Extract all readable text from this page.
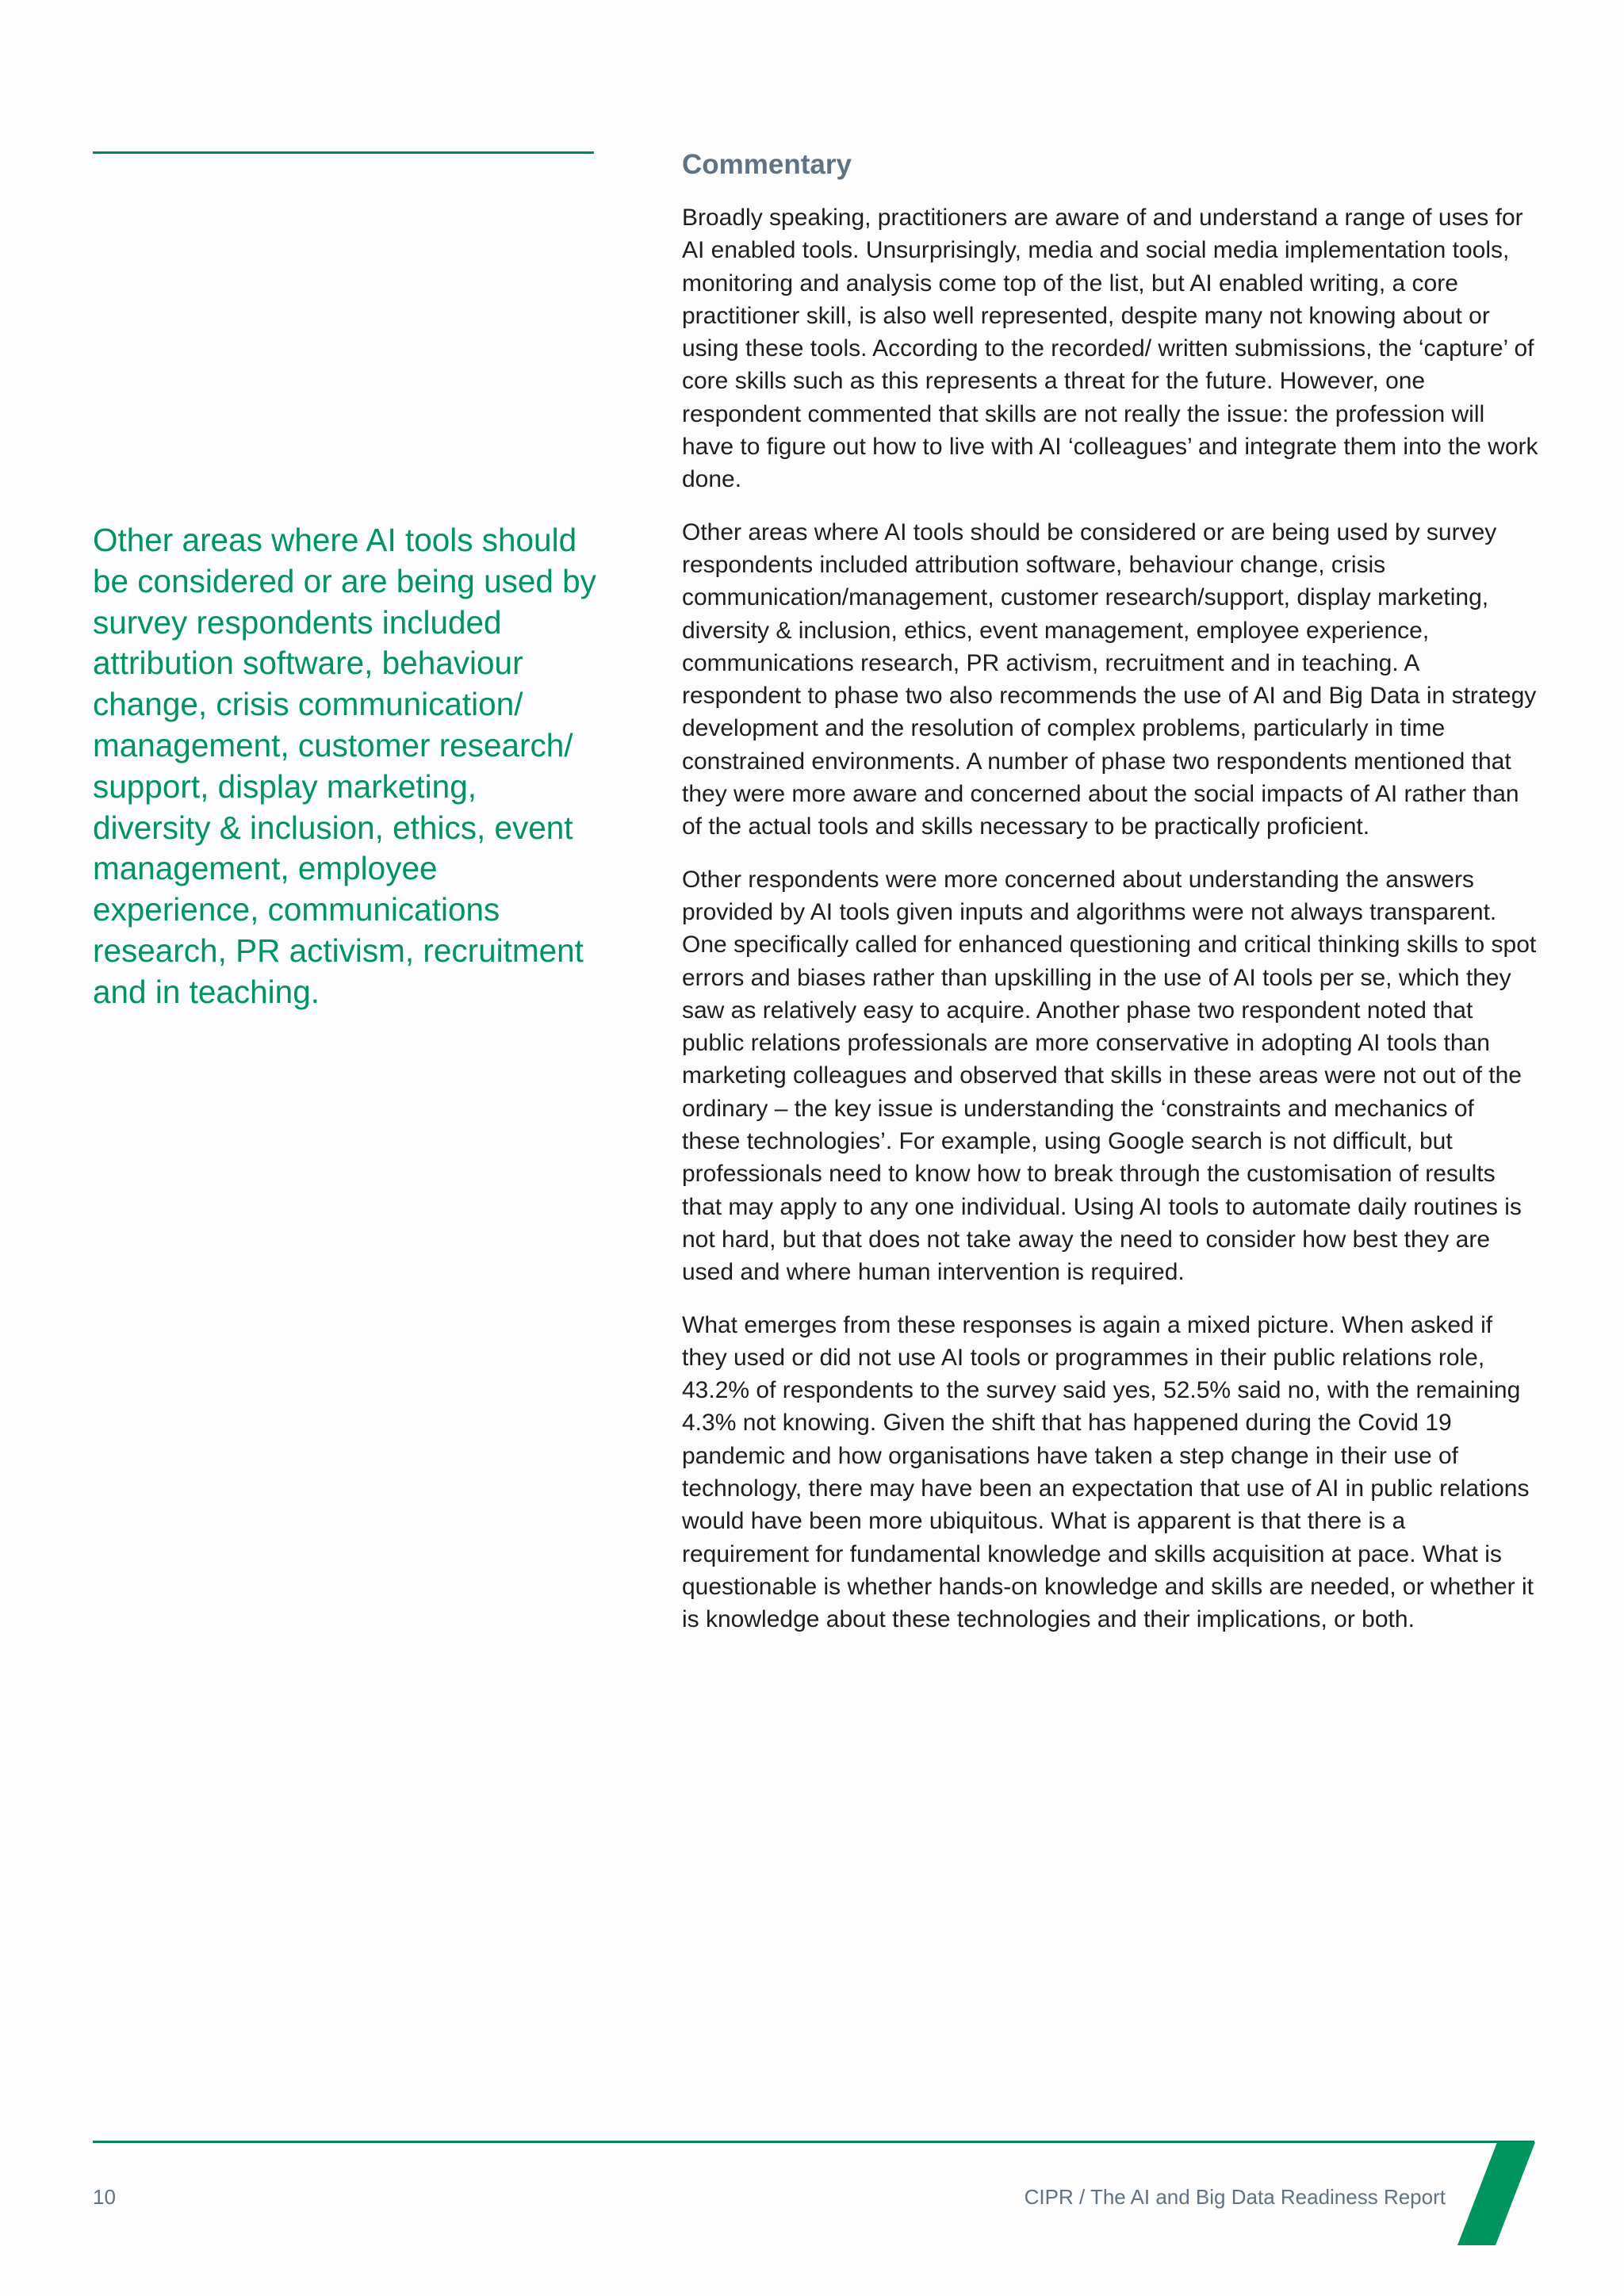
Other areas where AI tools should be considered or are being used by survey respondents included attribution software, behaviour change, crisis communication/ management, customer research/ support, display marketing, diversity & inclusion, ethics, event management, employee experience, communications research, PR activism, recruitment and in teaching.

Commentary

Broadly speaking, practitioners are aware of and understand a range of uses for AI enabled tools. Unsurprisingly, media and social media implementation tools, monitoring and analysis come top of the list, but AI enabled writing, a core practitioner skill, is also well represented, despite many not knowing about or using these tools. According to the recorded/ written submissions, the ‘capture’ of core skills such as this represents a threat for the future. However, one respondent commented that skills are not really the issue: the profession will have to figure out how to live with AI ‘colleagues’ and integrate them into the work done.

Other areas where AI tools should be considered or are being used by survey respondents included attribution software, behaviour change, crisis communication/management, customer research/support, display marketing, diversity & inclusion, ethics, event management, employee experience, communications research, PR activism, recruitment and in teaching. A respondent to phase two also recommends the use of AI and Big Data in strategy development and the resolution of complex problems, particularly in time constrained environments. A number of phase two respondents mentioned that they were more aware and concerned about the social impacts of AI rather than of the actual tools and skills necessary to be practically proficient.

Other respondents were more concerned about understanding the answers provided by AI tools given inputs and algorithms were not always transparent. One specifically called for enhanced questioning and critical thinking skills to spot errors and biases rather than upskilling in the use of AI tools per se, which they saw as relatively easy to acquire. Another phase two respondent noted that public relations professionals are more conservative in adopting AI tools than marketing colleagues and observed that skills in these areas were not out of the ordinary – the key issue is understanding the ‘constraints and mechanics of these technologies’. For example, using Google search is not difficult, but professionals need to know how to break through the customisation of results that may apply to any one individual. Using AI tools to automate daily routines is not hard, but that does not take away the need to consider how best they are used and where human intervention is required.

What emerges from these responses is again a mixed picture. When asked if they used or did not use AI tools or programmes in their public relations role, 43.2% of respondents to the survey said yes, 52.5% said no, with the remaining 4.3% not knowing. Given the shift that has happened during the Covid 19 pandemic and how organisations have taken a step change in their use of technology, there may have been an expectation that use of AI in public relations would have been more ubiquitous. What is apparent is that there is a requirement for fundamental knowledge and skills acquisition at pace. What is questionable is whether hands-on knowledge and skills are needed, or whether it is knowledge about these technologies and their implications, or both.

10	CIPR / The AI and Big Data Readiness Report
